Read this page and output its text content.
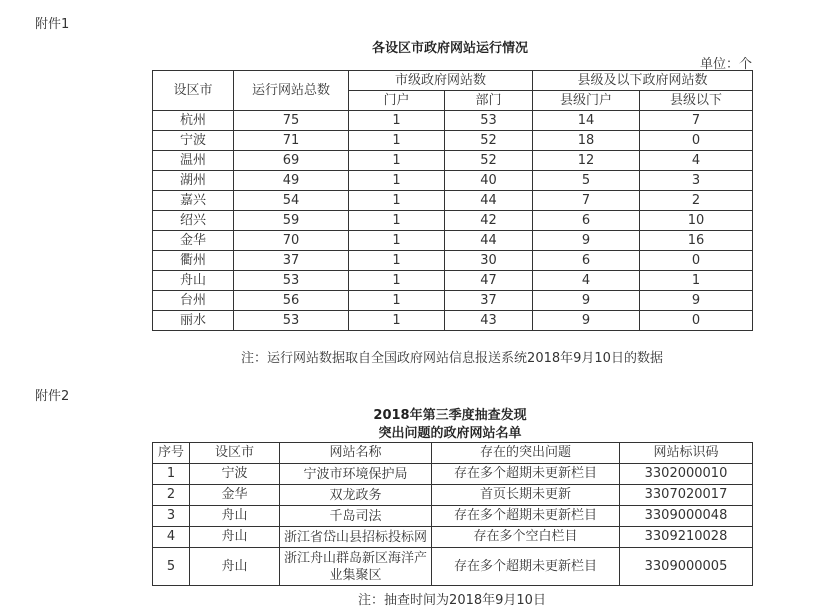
附件1
各设区市政府网站运行情况
单位：个
设区市	运行网站总数	市级政府网站数		县级及以下政府网站数	
		门户	部门	县级门户	县级以下
杭州	75	1	53	14	7
宁波	71	1	52	18	0
温州	69	1	52	12	4
湖州	49	1	40	5	3
嘉兴	54	1	44	7	2
绍兴	59	1	42	6	10
金华	70	1	44	9	16
衢州	37	1	30	6	0
舟山	53	1	47	4	1
台州	56	1	37	9	9
丽水	53	1	43	9	0
注：运行网站数据取自全国政府网站信息报送系统2018年9月10日的数据
附件2
2018年第三季度抽查发现
突出问题的政府网站名单
序号	设区市	网站名称	存在的突出问题	网站标识码
1	宁波	宁波市环境保护局	存在多个超期未更新栏目	3302000010
2	金华	双龙政务	首页长期未更新	3307020017
3	舟山	千岛司法	存在多个超期未更新栏目	3309000048
4	舟山	浙江省岱山县招标投标网	存在多个空白栏目	3309210028
5	舟山	浙江舟山群岛新区海洋产业集聚区	存在多个超期未更新栏目	3309000005
注：抽查时间为2018年9月10日
